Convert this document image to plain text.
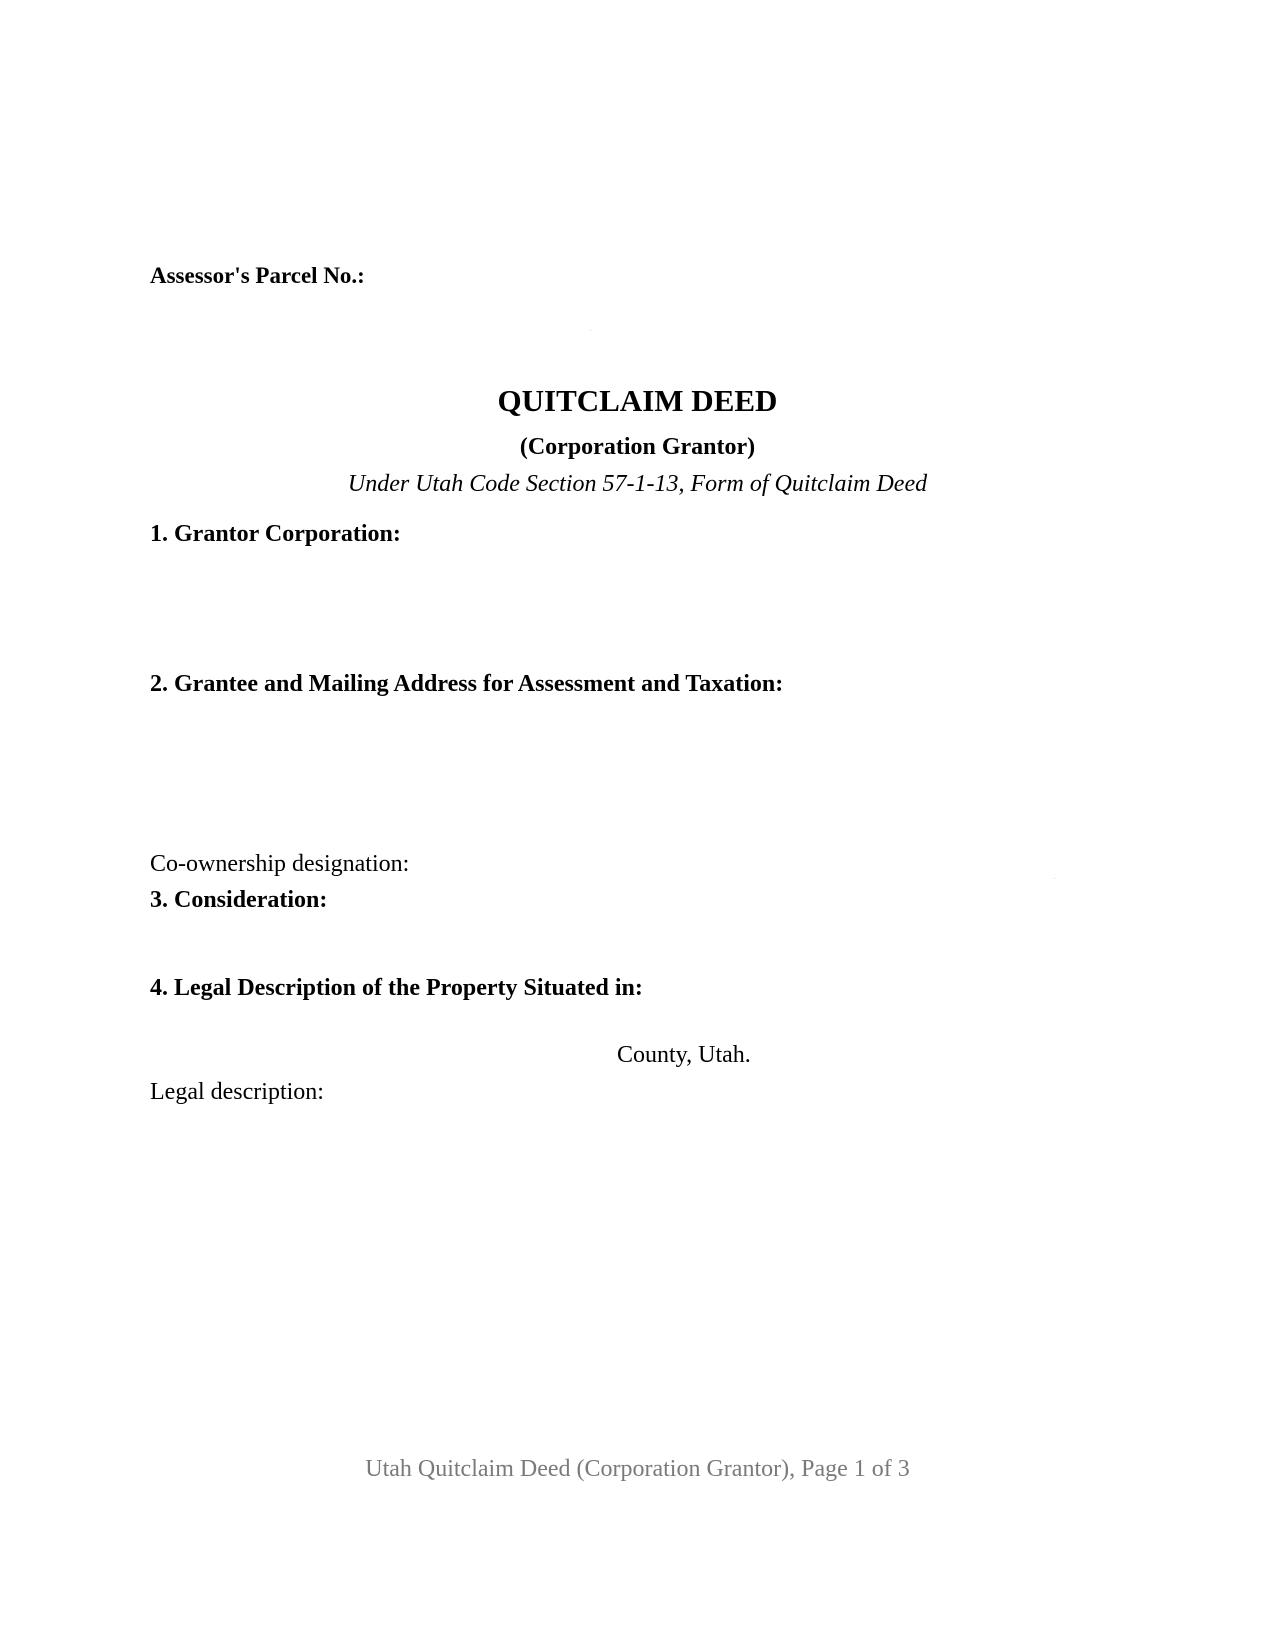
Assessor's Parcel No.:
QUITCLAIM DEED
(Corporation Grantor)
Under Utah Code Section 57-1-13, Form of Quitclaim Deed
1. Grantor Corporation:
2. Grantee and Mailing Address for Assessment and Taxation:
Co-ownership designation:
3. Consideration:
4. Legal Description of the Property Situated in:
County, Utah.
Legal description:
Utah Quitclaim Deed (Corporation Grantor), Page 1 of 3
